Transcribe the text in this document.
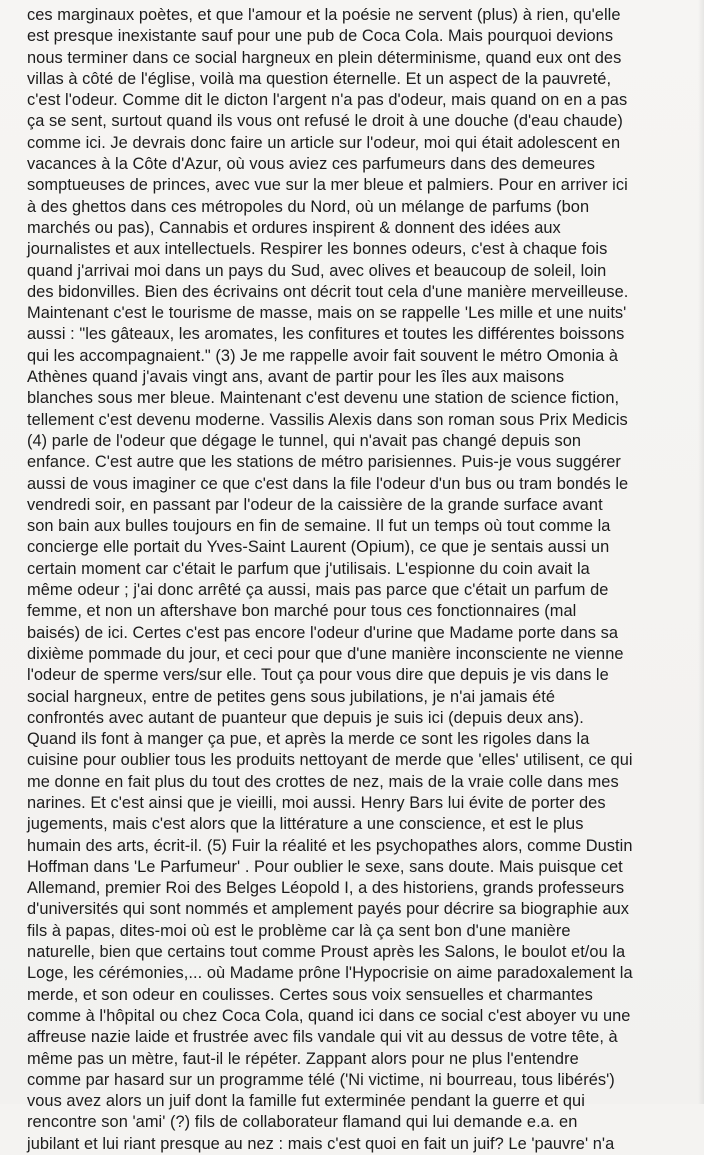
ces marginaux poètes, et que l'amour et la poésie ne servent (plus) à rien, qu'elle
est presque inexistante sauf pour une pub de Coca Cola. Mais pourquoi devions
nous terminer dans ce social hargneux en plein déterminisme, quand eux ont des
villas à côté de l'église, voilà ma question éternelle. Et un aspect de la pauvreté,
c'est l'odeur. Comme dit le dicton l'argent n'a pas d'odeur, mais quand on en a pas
ça se sent, surtout quand ils vous ont refusé le droit à une douche (d'eau chaude)
comme ici. Je devrais donc faire un article sur l'odeur, moi qui était adolescent en
vacances à la Côte d'Azur, où vous aviez ces parfumeurs dans des demeures
somptueuses de princes, avec vue sur la mer bleue et palmiers. Pour en arriver ici
à des ghettos dans ces métropoles du Nord, où un mélange de parfums (bon
marchés ou pas), Cannabis et ordures inspirent & donnent des idées aux
journalistes et aux intellectuels. Respirer les bonnes odeurs, c'est à chaque fois
quand j'arrivai moi dans un pays du Sud, avec olives et beaucoup de soleil, loin
des bidonvilles. Bien des écrivains ont décrit tout cela d'une manière merveilleuse.
Maintenant c'est le tourisme de masse, mais on se rappelle 'Les mille et une nuits'
aussi : "les gâteaux, les aromates, les confitures et toutes les différentes boissons
qui les accompagnaient." (3) Je me rappelle avoir fait souvent le métro Omonia à
Athènes quand j'avais vingt ans, avant de partir pour les îles aux maisons
blanches sous mer bleue. Maintenant c'est devenu une station de science fiction,
tellement c'est devenu moderne. Vassilis Alexis dans son roman sous Prix Medicis
(4) parle de l'odeur que dégage le tunnel, qui n'avait pas changé depuis son
enfance. C'est autre que les stations de métro parisiennes. Puis-je vous suggérer
aussi de vous imaginer ce que c'est dans la file l'odeur d'un bus ou tram bondés le
vendredi soir, en passant par l'odeur de la caissière de la grande surface avant
son bain aux bulles toujours en fin de semaine. Il fut un temps où tout comme la
concierge elle portait du Yves-Saint Laurent (Opium), ce que je sentais aussi un
certain moment car c'était le parfum que j'utilisais. L'espionne du coin avait la
même odeur ; j'ai donc arrêté ça aussi, mais pas parce que c'était un parfum de
femme, et non un aftershave bon marché pour tous ces fonctionnaires (mal
baisés) de ici. Certes c'est pas encore l'odeur d'urine que Madame porte dans sa
dixième pommade du jour, et ceci pour que d'une manière inconsciente ne vienne
l'odeur de sperme vers/sur elle. Tout ça pour vous dire que depuis je vis dans le
social hargneux, entre de petites gens sous jubilations, je n'ai jamais été
confrontés avec autant de puanteur que depuis je suis ici (depuis deux ans).
Quand ils font à manger ça pue, et après la merde ce sont les rigoles dans la
cuisine pour oublier tous les produits nettoyant de merde que 'elles' utilisent, ce qui
me donne en fait plus du tout des crottes de nez, mais de la vraie colle dans mes
narines. Et c'est ainsi que je vieilli, moi aussi. Henry Bars lui évite de porter des
jugements, mais c'est alors que la littérature a une conscience, et est le plus
humain des arts, écrit-il. (5) Fuir la réalité et les psychopathes alors, comme Dustin
Hoffman dans 'Le Parfumeur' . Pour oublier le sexe, sans doute. Mais puisque cet
Allemand, premier Roi des Belges Léopold I, a des historiens, grands professeurs
d'universités qui sont nommés et amplement payés pour décrire sa biographie aux
fils à papas, dites-moi où est le problème car là ça sent bon d'une manière
naturelle, bien que certains tout comme Proust après les Salons, le boulot et/ou la
Loge, les cérémonies,... où Madame prône l'Hypocrisie on aime paradoxalement la
merde, et son odeur en coulisses. Certes sous voix sensuelles et charmantes
comme à l'hôpital ou chez Coca Cola, quand ici dans ce social c'est aboyer vu une
affreuse nazie laide et frustrée avec fils vandale qui vit au dessus de votre tête, à
même pas un mètre, faut-il le répéter. Zappant alors pour ne plus l'entendre
comme par hasard sur un programme télé ('Ni victime, ni bourreau, tous libérés')
vous avez alors un juif dont la famille fut exterminée pendant la guerre et qui
rencontre son 'ami' (?) fils de collaborateur flamand qui lui demande e.a. en
jubilant et lui riant presque au nez : mais c'est quoi en fait un juif? Le 'pauvre' n'a
